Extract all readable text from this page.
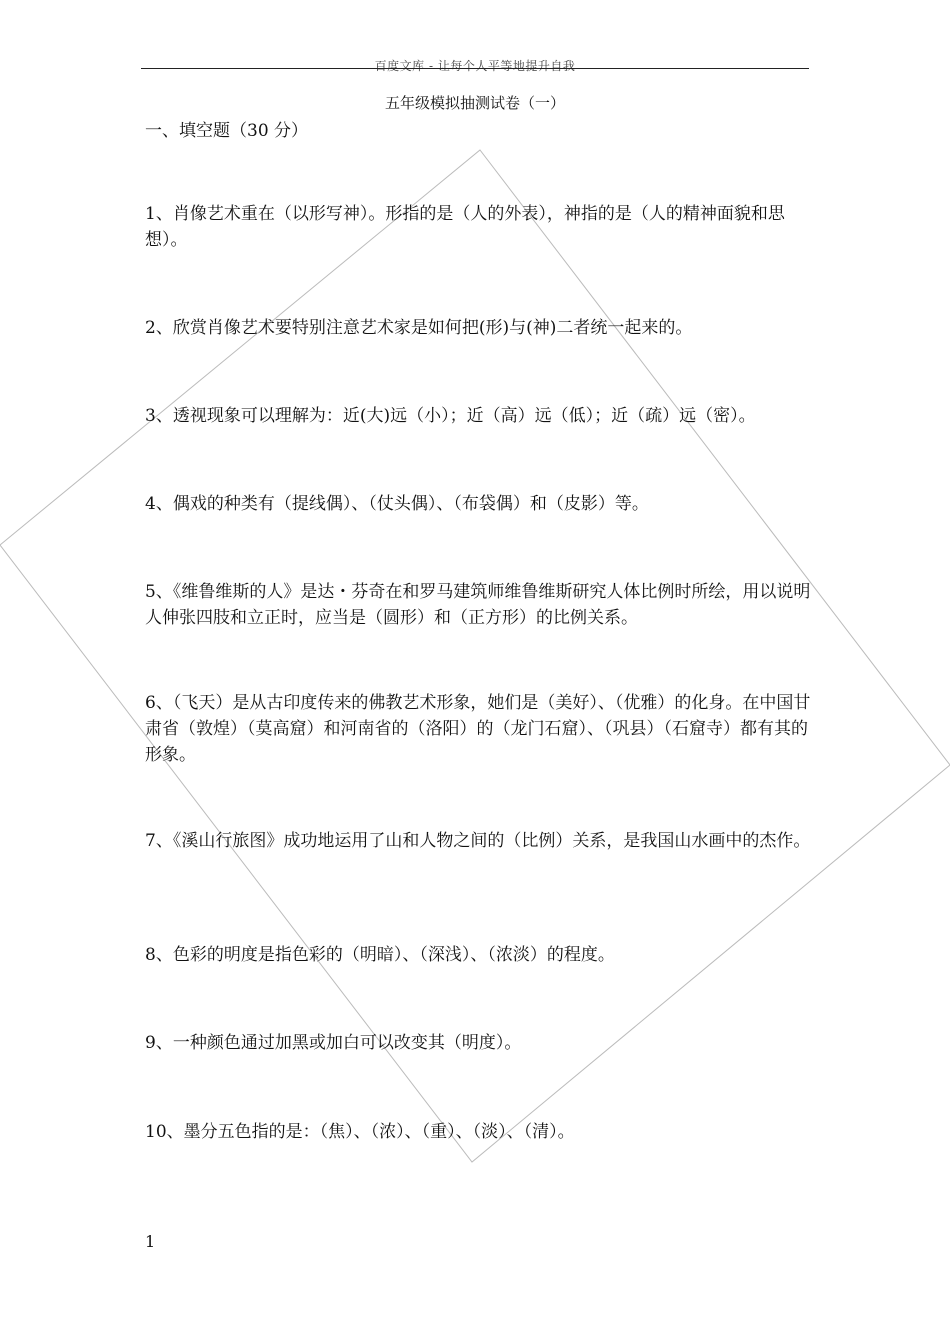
百度文库 - 让每个人平等地提升自我
五年级模拟抽测试卷（一）
一、填空题（30 分）

1、肖像艺术重在（以形写神）。形指的是（人的外表），神指的是（人的精神面貌和思想）。

2、欣赏肖像艺术要特别注意艺术家是如何把(形)与(神)二者统一起来的。

3、透视现象可以理解为：近(大)远（小）；近（高）远（低）；近（疏）远（密）。

4、偶戏的种类有（提线偶）、（仗头偶）、（布袋偶）和（皮影）等。

5、《维鲁维斯的人》是达・芬奇在和罗马建筑师维鲁维斯研究人体比例时所绘，用以说明人伸张四肢和立正时，应当是（圆形）和（正方形）的比例关系。

6、（飞天）是从古印度传来的佛教艺术形象，她们是（美好）、（优雅）的化身。在中国甘肃省（敦煌）（莫高窟）和河南省的（洛阳）的（龙门石窟）、（巩县）（石窟寺）都有其的形象。

7、《溪山行旅图》成功地运用了山和人物之间的（比例）关系，是我国山水画中的杰作。

8、色彩的明度是指色彩的（明暗）、（深浅）、（浓淡）的程度。

9、一种颜色通过加黑或加白可以改变其（明度）。

10、墨分五色指的是：（焦）、（浓）、（重）、（淡）、（清）。

1
